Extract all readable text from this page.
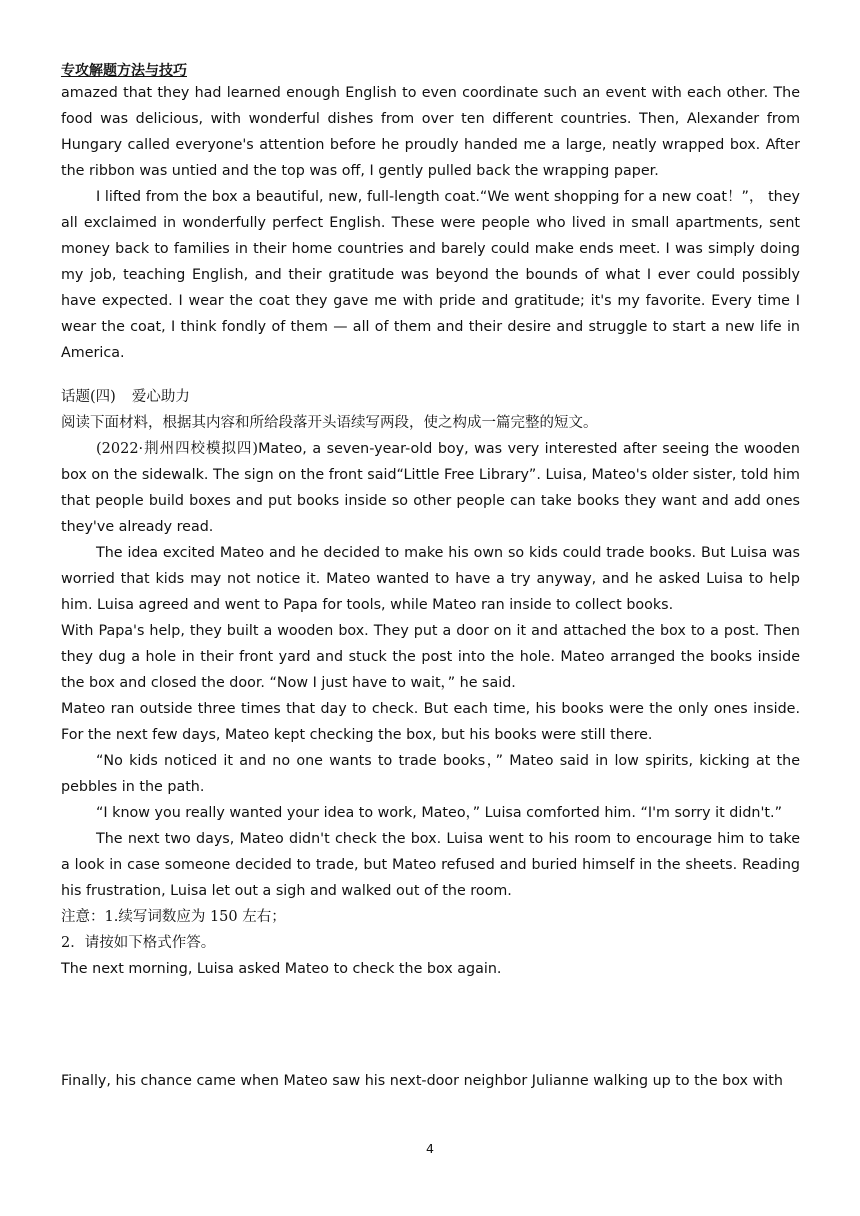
专攻解题方法与技巧

amazed that they had learned enough English to even coordinate such an event with each other. The food was delicious, with wonderful dishes from over ten different countries. Then, Alexander from Hungary called everyone's attention before he proudly handed me a large, neatly wrapped box. After the ribbon was untied and the top was off, I gently pulled back the wrapping paper.

I lifted from the box a beautiful, new, full-length coat.“We went shopping for a new coat！”， they all exclaimed in wonderfully perfect English. These were people who lived in small apartments, sent money back to families in their home countries and barely could make ends meet. I was simply doing my job, teaching English, and their gratitude was beyond the bounds of what I ever could possibly have expected. I wear the coat they gave me with pride and gratitude; it's my favorite. Every time I wear the coat, I think fondly of them — all of them and their desire and struggle to start a new life in America.

话题(四) 爱心助力

阅读下面材料，根据其内容和所给段落开头语续写两段，使之构成一篇完整的短文。

(2022·荆州四校模拟四)Mateo, a seven-year-old boy, was very interested after seeing the wooden box on the sidewalk. The sign on the front said“Little Free Library”. Luisa, Mateo's older sister, told him that people build boxes and put books inside so other people can take books they want and add ones they've already read.

The idea excited Mateo and he decided to make his own so kids could trade books. But Luisa was worried that kids may not notice it. Mateo wanted to have a try anyway, and he asked Luisa to help him. Luisa agreed and went to Papa for tools, while Mateo ran inside to collect books.

With Papa's help, they built a wooden box. They put a door on it and attached the box to a post. Then they dug a hole in their front yard and stuck the post into the hole. Mateo arranged the books inside the box and closed the door. “Now I just have to wait，” he said.

Mateo ran outside three times that day to check. But each time, his books were the only ones inside. For the next few days, Mateo kept checking the box, but his books were still there.

“No kids noticed it and no one wants to trade books，” Mateo said in low spirits, kicking at the pebbles in the path.

“I know you really wanted your idea to work, Mateo，” Luisa comforted him. “I'm sorry it didn't.”

The next two days, Mateo didn't check the box. Luisa went to his room to encourage him to take a look in case someone decided to trade, but Mateo refused and buried himself in the sheets. Reading his frustration, Luisa let out a sigh and walked out of the room.

注意：1.续写词数应为 150 左右；

2．请按如下格式作答。

The next morning, Luisa asked Mateo to check the box again.

Finally, his chance came when Mateo saw his next-door neighbor Julianne walking up to the box with

4
